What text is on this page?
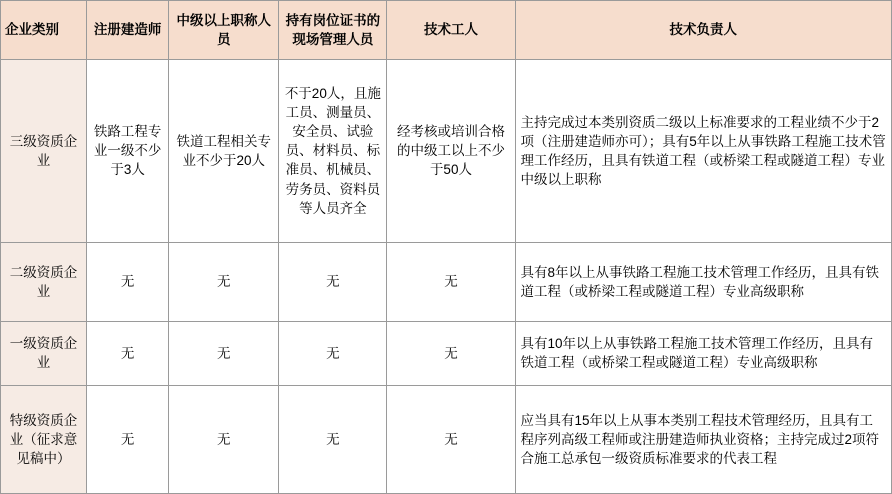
企业类别	注册建造师	中级以上职称人员	持有岗位证书的现场管理人员	技术工人	技术负责人
三级资质企业	铁路工程专业一级不少于3人	铁道工程相关专业不少于20人	不于20人，且施工员、测量员、安全员、试验员、材料员、标准员、机械员、劳务员、资料员等人员齐全	经考核或培训合格的中级工以上不少于50人	主持完成过本类别资质二级以上标准要求的工程业绩不少于2项（注册建造师亦可）；具有5年以上从事铁路工程施工技术管理工作经历，且具有铁道工程（或桥梁工程或隧道工程）专业中级以上职称
二级资质企业	无	无	无	无	具有8年以上从事铁路工程施工技术管理工作经历，且具有铁道工程（或桥梁工程或隧道工程）专业高级职称
一级资质企业	无	无	无	无	具有10年以上从事铁路工程施工技术管理工作经历，且具有铁道工程（或桥梁工程或隧道工程）专业高级职称
特级资质企业（征求意见稿中）	无	无	无	无	应当具有15年以上从事本类别工程技术管理经历，且具有工程序列高级工程师或注册建造师执业资格；主持完成过2项符合施工总承包一级资质标准要求的代表工程
